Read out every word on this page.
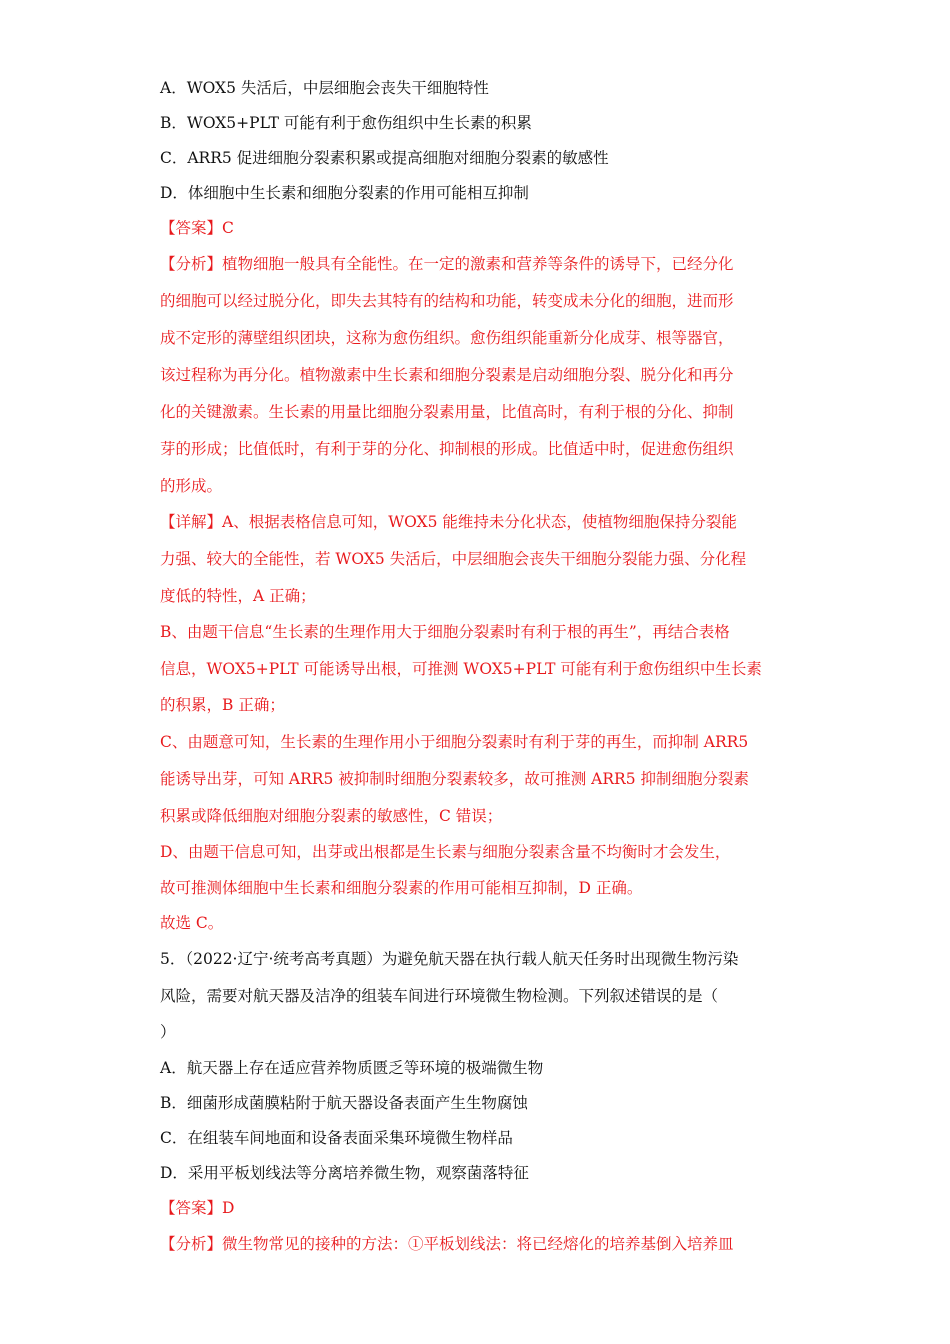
A．WOX5 失活后，中层细胞会丧失干细胞特性
B．WOX5+PLT 可能有利于愈伤组织中生长素的积累
C．ARR5 促进细胞分裂素积累或提高细胞对细胞分裂素的敏感性
D．体细胞中生长素和细胞分裂素的作用可能相互抑制
【答案】C
【分析】植物细胞一般具有全能性。在一定的激素和营养等条件的诱导下，已经分化
的细胞可以经过脱分化，即失去其特有的结构和功能，转变成未分化的细胞，进而形
成不定形的薄壁组织团块，这称为愈伤组织。愈伤组织能重新分化成芽、根等器官，
该过程称为再分化。植物激素中生长素和细胞分裂素是启动细胞分裂、脱分化和再分
化的关键激素。生长素的用量比细胞分裂素用量，比值高时，有利于根的分化、抑制
芽的形成；比值低时，有利于芽的分化、抑制根的形成。比值适中时，促进愈伤组织
的形成。
【详解】A、根据表格信息可知，WOX5 能维持未分化状态，使植物细胞保持分裂能
力强、较大的全能性，若 WOX5 失活后，中层细胞会丧失干细胞分裂能力强、分化程
度低的特性，A 正确；
B、由题干信息“生长素的生理作用大于细胞分裂素时有利于根的再生”，再结合表格
信息，WOX5+PLT 可能诱导出根，可推测 WOX5+PLT 可能有利于愈伤组织中生长素
的积累，B 正确；
C、由题意可知，生长素的生理作用小于细胞分裂素时有利于芽的再生，而抑制 ARR5
能诱导出芽，可知 ARR5 被抑制时细胞分裂素较多，故可推测 ARR5 抑制细胞分裂素
积累或降低细胞对细胞分裂素的敏感性，C 错误；
D、由题干信息可知，出芽或出根都是生长素与细胞分裂素含量不均衡时才会发生，
故可推测体细胞中生长素和细胞分裂素的作用可能相互抑制，D 正确。
故选 C。
5．（2022·辽宁·统考高考真题）为避免航天器在执行载人航天任务时出现微生物污染
风险，需要对航天器及洁净的组装车间进行环境微生物检测。下列叙述错误的是（
）
A．航天器上存在适应营养物质匮乏等环境的极端微生物
B．细菌形成菌膜粘附于航天器设备表面产生生物腐蚀
C．在组装车间地面和设备表面采集环境微生物样品
D．采用平板划线法等分离培养微生物，观察菌落特征
【答案】D
【分析】微生物常见的接种的方法：①平板划线法：将已经熔化的培养基倒入培养皿
